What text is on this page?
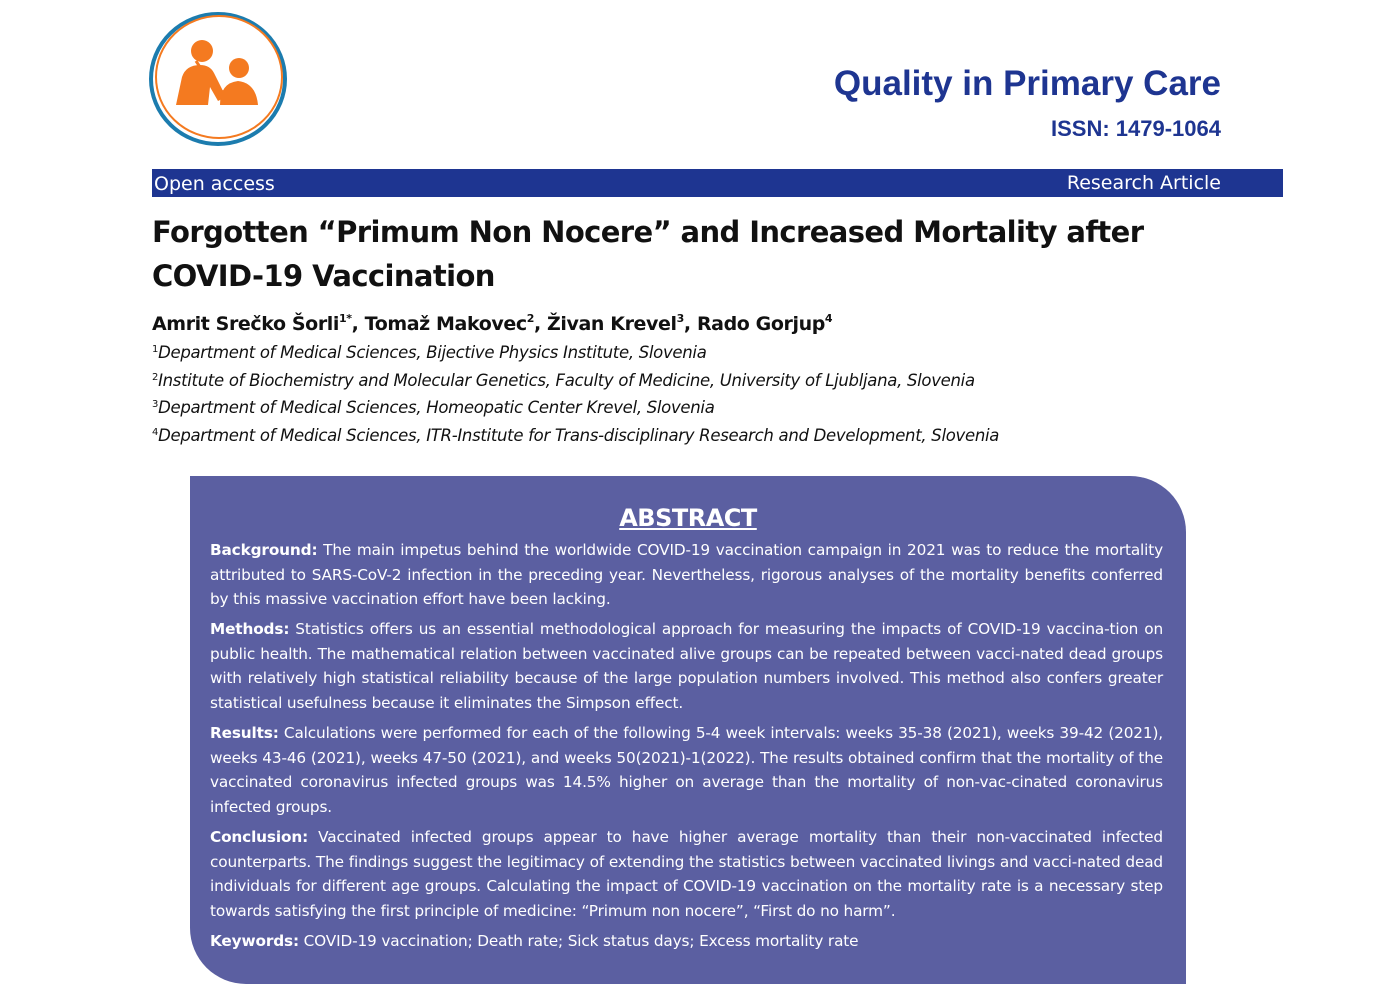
Quality in Primary Care
ISSN: 1479-1064
Open access	Research Article
Forgotten “Primum Non Nocere” and Increased Mortality after COVID-19 Vaccination
Amrit Srečko Šorli$^{1*}$, Tomaž Makovec$^2$, Živan Krevel$^3$, Rado Gorjup$^4$
$^1$Department of Medical Sciences, Bijective Physics Institute, Slovenia
$^2$Institute of Biochemistry and Molecular Genetics, Faculty of Medicine, University of Ljubljana, Slovenia
$^3$Department of Medical Sciences, Homeopatic Center Krevel, Slovenia
$^4$Department of Medical Sciences, ITR-Institute for Trans-disciplinary Research and Development, Slovenia
ABSTRACT

Background: The main impetus behind the worldwide COVID-19 vaccination campaign in 2021 was to reduce the mortality attributed to SARS-CoV-2 infection in the preceding year. Nevertheless, rigorous analyses of the mortality benefits conferred by this massive vaccination effort have been lacking.

Methods: Statistics offers us an essential methodological approach for measuring the impacts of COVID-19 vaccina-tion on public health. The mathematical relation between vaccinated alive groups can be repeated between vacci-nated dead groups with relatively high statistical reliability because of the large population numbers involved. This method also confers greater statistical usefulness because it eliminates the Simpson effect.

Results: Calculations were performed for each of the following 5-4 week intervals: weeks 35-38 (2021), weeks 39-42 (2021), weeks 43-46 (2021), weeks 47-50 (2021), and weeks 50(2021)-1(2022). The results obtained confirm that the mortality of the vaccinated coronavirus infected groups was 14.5% higher on average than the mortality of non-vac-cinated coronavirus infected groups.

Conclusion: Vaccinated infected groups appear to have higher average mortality than their non-vaccinated infected counterparts. The findings suggest the legitimacy of extending the statistics between vaccinated livings and vacci-nated dead individuals for different age groups. Calculating the impact of COVID-19 vaccination on the mortality rate is a necessary step towards satisfying the first principle of medicine: “Primum non nocere”, “First do no harm”.

Keywords: COVID-19 vaccination; Death rate; Sick status days; Excess mortality rate
